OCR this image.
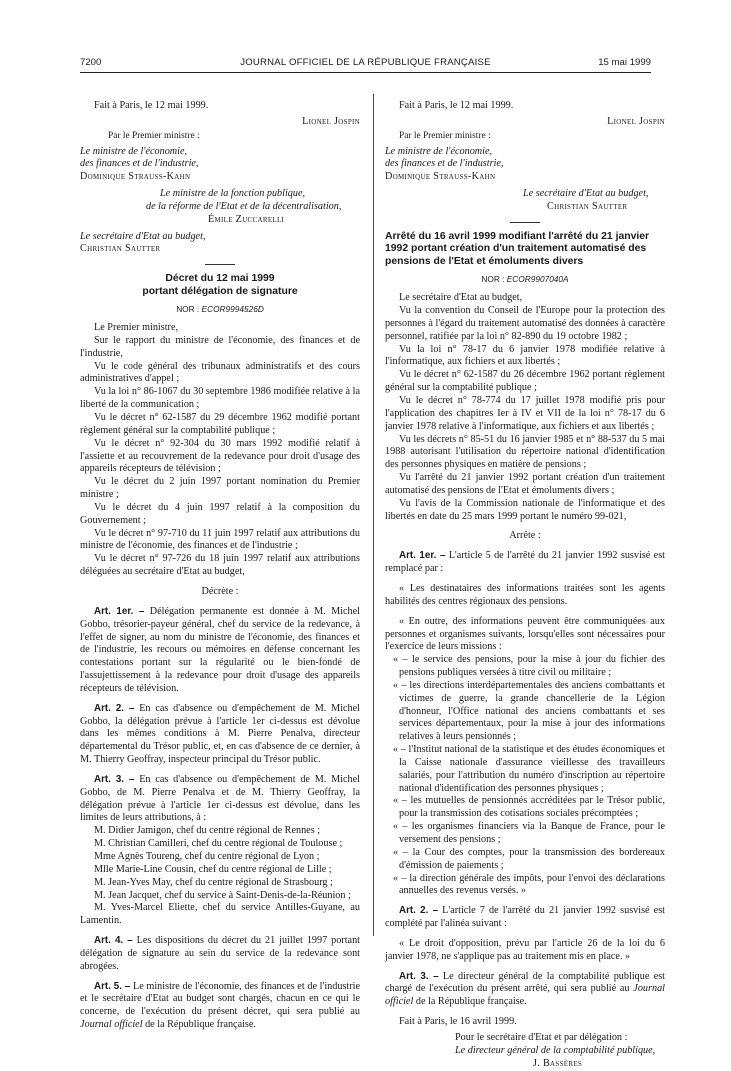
7200	JOURNAL OFFICIEL DE LA RÉPUBLIQUE FRANÇAISE	15 mai 1999

Fait à Paris, le 12 mai 1999.

Lionel Jospin

Par le Premier ministre :

Le ministre de l'économie,

des finances et de l'industrie,

Dominique Strauss-Kahn

Le ministre de la fonction publique,

de la réforme de l'Etat et de la décentralisation,

Émile Zuccarelli

Le secrétaire d'Etat au budget,

Christian Sautter

Décret du 12 mai 1999

portant délégation de signature

NOR : ECOR9994526D

Le Premier ministre,

Sur le rapport du ministre de l'économie, des finances et de l'industrie,

Vu le code général des tribunaux administratifs et des cours administratives d'appel ;

Vu la loi n° 86-1067 du 30 septembre 1986 modifiée relative à la liberté de la communication ;

Vu le décret n° 62-1587 du 29 décembre 1962 modifié portant règlement général sur la comptabilité publique ;

Vu le décret n° 92-304 du 30 mars 1992 modifié relatif à l'assiette et au recouvrement de la redevance pour droit d'usage des appareils récepteurs de télévision ;

Vu le décret du 2 juin 1997 portant nomination du Premier ministre ;

Vu le décret du 4 juin 1997 relatif à la composition du Gouvernement ;

Vu le décret n° 97-710 du 11 juin 1997 relatif aux attributions du ministre de l'économie, des finances et de l'industrie ;

Vu le décret n° 97-726 du 18 juin 1997 relatif aux attributions déléguées au secrétaire d'Etat au budget,

Décrète :

Art. 1er. – Délégation permanente est donnée à M. Michel Gobbo, trésorier-payeur général, chef du service de la redevance, à l'effet de signer, au nom du ministre de l'économie, des finances et de l'industrie, les recours ou mémoires en défense concernant les contestations portant sur la régularité ou le bien-fondé de l'assujettissement à la redevance pour droit d'usage des appareils récepteurs de télévision.

Art. 2. – En cas d'absence ou d'empêchement de M. Michel Gobbo, la délégation prévue à l'article 1er ci-dessus est dévolue dans les mêmes conditions à M. Pierre Penalva, directeur départemental du Trésor public, et, en cas d'absence de ce dernier, à M. Thierry Geoffray, inspecteur principal du Trésor public.

Art. 3. – En cas d'absence ou d'empêchement de M. Michel Gobbo, de M. Pierre Penalva et de M. Thierry Geoffray, la délégation prévue à l'article 1er ci-dessus est dévolue, dans les limites de leurs attributions, à :

M. Didier Jamigon, chef du centre régional de Rennes ;

M. Christian Camilleri, chef du centre régional de Toulouse ;

Mme Agnès Toureng, chef du centre régional de Lyon ;

Mlle Marie-Line Cousin, chef du centre régional de Lille ;

M. Jean-Yves May, chef du centre régional de Strasbourg ;

M. Jean Jacquet, chef du service à Saint-Denis-de-la-Réunion ;

M. Yves-Marcel Eliette, chef du service Antilles-Guyane, au Lamentin.

Art. 4. – Les dispositions du décret du 21 juillet 1997 portant délégation de signature au sein du service de la redevance sont abrogées.

Art. 5. – Le ministre de l'économie, des finances et de l'industrie et le secrétaire d'Etat au budget sont chargés, chacun en ce qui le concerne, de l'exécution du présent décret, qui sera publié au Journal officiel de la République française.

Fait à Paris, le 12 mai 1999.

Lionel Jospin

Par le Premier ministre :

Le ministre de l'économie,

des finances et de l'industrie,

Dominique Strauss-Kahn

Le secrétaire d'Etat au budget,

Christian Sautter

Arrêté du 16 avril 1999 modifiant l'arrêté du 21 janvier 1992 portant création d'un traitement automatisé des pensions de l'Etat et émoluments divers

NOR : ECOR9907040A

Le secrétaire d'Etat au budget,

Vu la convention du Conseil de l'Europe pour la protection des personnes à l'égard du traitement automatisé des données à caractère personnel, ratifiée par la loi n° 82-890 du 19 octobre 1982 ;

Vu la loi n° 78-17 du 6 janvier 1978 modifiée relative à l'informatique, aux fichiers et aux libertés ;

Vu le décret n° 62-1587 du 26 décembre 1962 portant règlement général sur la comptabilité publique ;

Vu le décret n° 78-774 du 17 juillet 1978 modifié pris pour l'application des chapitres Ier à IV et VII de la loi n° 78-17 du 6 janvier 1978 relative à l'informatique, aux fichiers et aux libertés ;

Vu les décrets n° 85-51 du 16 janvier 1985 et n° 88-537 du 5 mai 1988 autorisant l'utilisation du répertoire national d'identification des personnes physiques en matière de pensions ;

Vu l'arrêté du 21 janvier 1992 portant création d'un traitement automatisé des pensions de l'Etat et émoluments divers ;

Vu l'avis de la Commission nationale de l'informatique et des libertés en date du 25 mars 1999 portant le numéro 99-021,

Arrête :

Art. 1er. – L'article 5 de l'arrêté du 21 janvier 1992 susvisé est remplacé par :

« Les destinataires des informations traitées sont les agents habilités des centres régionaux des pensions.

« En outre, des informations peuvent être communiquées aux personnes et organismes suivants, lorsqu'elles sont nécessaires pour l'exercice de leurs missions :

« – le service des pensions, pour la mise à jour du fichier des pensions publiques versées à titre civil ou militaire ;

« – les directions interdépartementales des anciens combattants et victimes de guerre, la grande chancellerie de la Légion d'honneur, l'Office national des anciens combattants et ses services départementaux, pour la mise à jour des informations relatives à leurs pensionnés ;

« – l'Institut national de la statistique et des études économiques et la Caisse nationale d'assurance vieillesse des travailleurs salariés, pour l'attribution du numéro d'inscription au répertoire national d'identification des personnes physiques ;

« – les mutuelles de pensionnés accréditées par le Trésor public, pour la transmission des cotisations sociales précomptées ;

« – les organismes financiers via la Banque de France, pour le versement des pensions ;

« – la Cour des comptes, pour la transmission des bordereaux d'émission de paiements ;

« – la direction générale des impôts, pour l'envoi des déclarations annuelles des revenus versés. »

Art. 2. – L'article 7 de l'arrêté du 21 janvier 1992 susvisé est complété par l'alinéa suivant :

« Le droit d'opposition, prévu par l'article 26 de la loi du 6 janvier 1978, ne s'applique pas au traitement mis en place. »

Art. 3. – Le directeur général de la comptabilité publique est chargé de l'exécution du présent arrêté, qui sera publié au Journal officiel de la République française.

Fait à Paris, le 16 avril 1999.

Pour le secrétaire d'Etat et par délégation :

Le directeur général de la comptabilité publique,

J. Bassères
